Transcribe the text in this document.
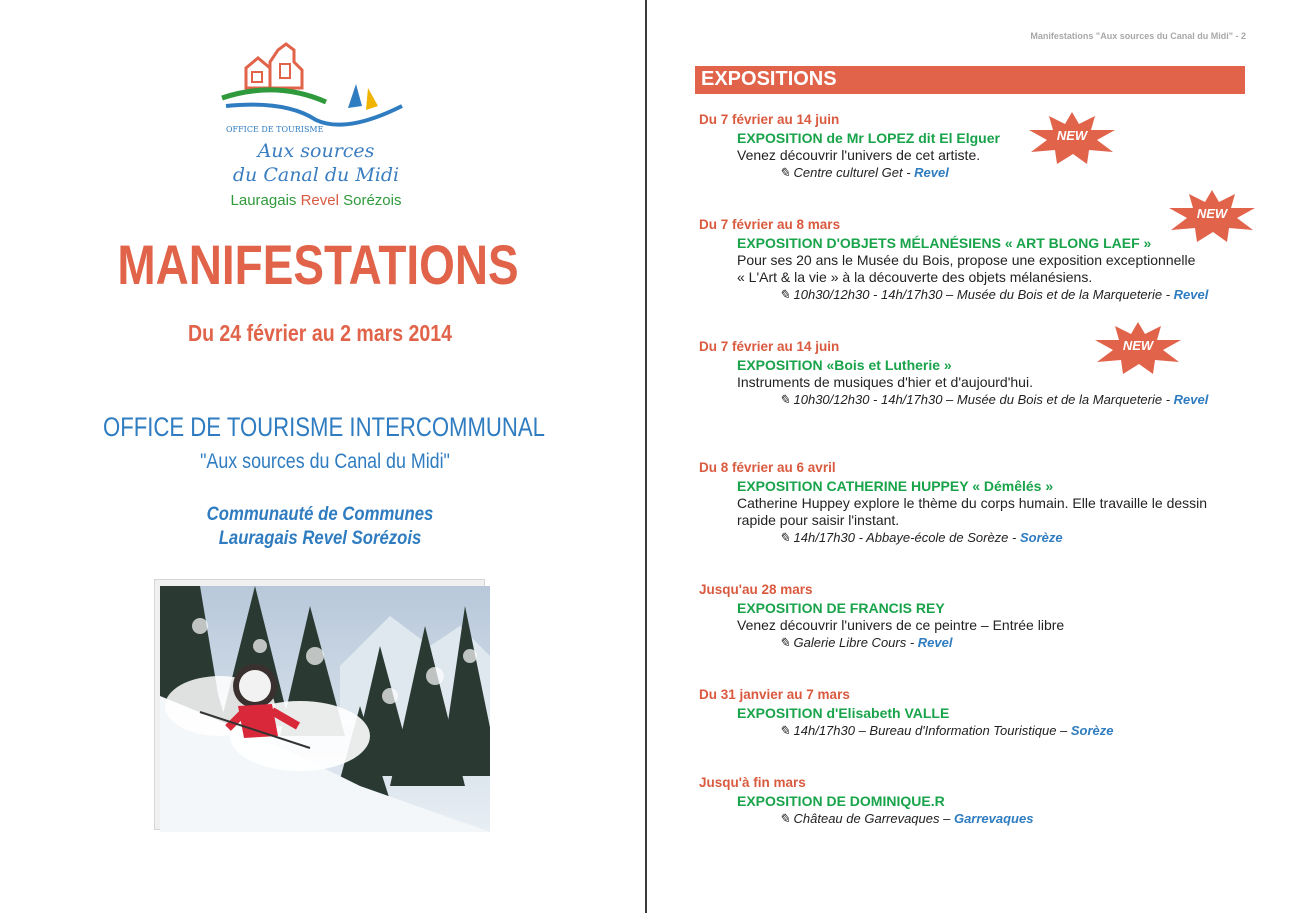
OFFICE DE TOURISME
Aux sources
du Canal du Midi
Lauragais Revel Sorézois
MANIFESTATIONS
Du 24 février au 2 mars 2014
OFFICE DE TOURISME INTERCOMMUNAL
"Aux sources du Canal du Midi"
Communauté de Communes
Lauragais Revel Sorézois
Manifestations "Aux sources du Canal du Midi" - 2
EXPOSITIONS
NEW
NEW
NEW
Du 7 février au 14 juin
EXPOSITION de Mr LOPEZ dit El Elguer
Venez découvrir l'univers de cet artiste.
✎ Centre culturel Get - Revel
Du 7 février au 8 mars
EXPOSITION D'OBJETS MÉLANÉSIENS « ART BLONG LAEF »
Pour ses 20 ans le Musée du Bois, propose une exposition exceptionnelle
« L'Art & la vie » à la découverte des objets mélanésiens.
✎ 10h30/12h30 - 14h/17h30 – Musée du Bois et de la Marqueterie - Revel
Du 7 février au 14 juin
EXPOSITION «Bois et Lutherie »
Instruments de musiques d'hier et d'aujourd'hui.
✎ 10h30/12h30 - 14h/17h30 – Musée du Bois et de la Marqueterie - Revel
Du 8 février au 6 avril
EXPOSITION CATHERINE HUPPEY « Démêlés »
Catherine Huppey explore le thème du corps humain. Elle travaille le dessin
rapide pour saisir l'instant.
✎ 14h/17h30 - Abbaye-école de Sorèze - Sorèze
Jusqu'au 28 mars
EXPOSITION DE FRANCIS REY
Venez découvrir l'univers de ce peintre – Entrée libre
✎ Galerie Libre Cours - Revel
Du 31 janvier au 7 mars
EXPOSITION d'Elisabeth VALLE
✎ 14h/17h30 – Bureau d'Information Touristique – Sorèze
Jusqu'à fin mars
EXPOSITION DE DOMINIQUE.R
✎ Château de Garrevaques – Garrevaques
